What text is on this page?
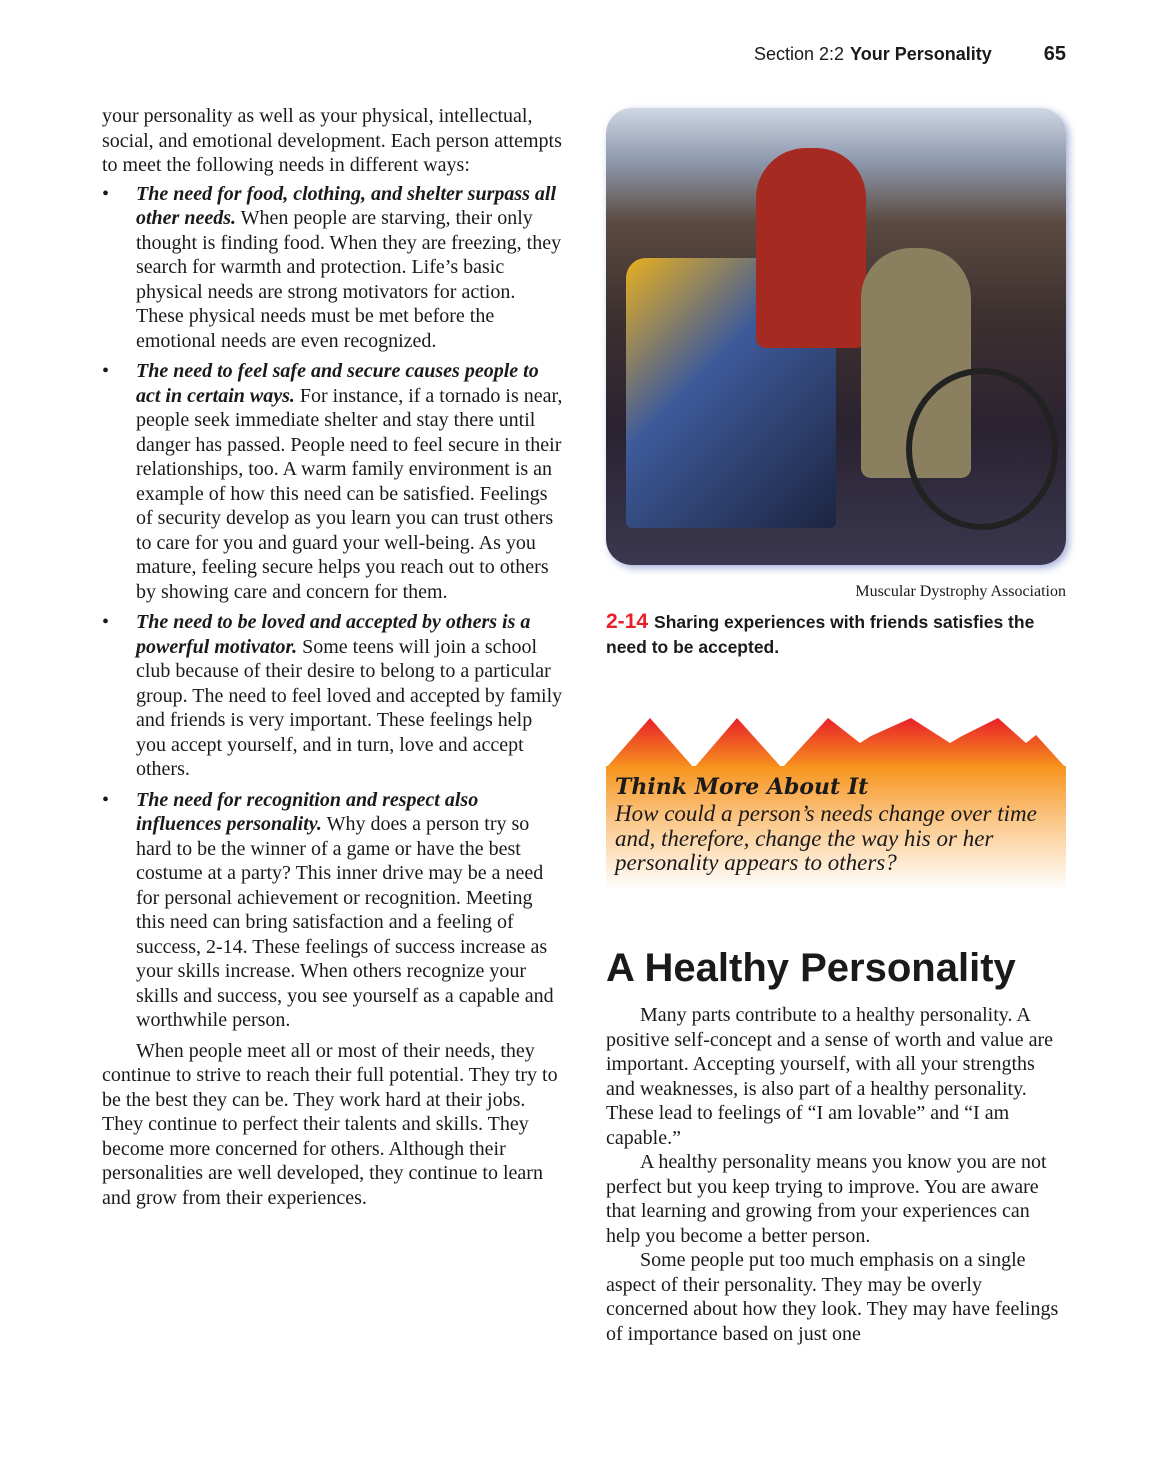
Section 2:2 Your Personality	65

your personality as well as your physical, intellectual, social, and emotional development. Each person attempts to meet the following needs in different ways:

• The need for food, clothing, and shelter surpass all other needs. When people are starving, their only thought is finding food. When they are freezing, they search for warmth and protection. Life’s basic physical needs are strong motivators for action. These physical needs must be met before the emotional needs are even recognized.
• The need to feel safe and secure causes people to act in certain ways. For instance, if a tornado is near, people seek immediate shelter and stay there until danger has passed. People need to feel secure in their relationships, too. A warm family environment is an example of how this need can be satisfied. Feelings of security develop as you learn you can trust others to care for you and guard your well-being. As you mature, feeling secure helps you reach out to others by showing care and concern for them.
• The need to be loved and accepted by others is a powerful motivator. Some teens will join a school club because of their desire to belong to a particular group. The need to feel loved and accepted by family and friends is very important. These feelings help you accept yourself, and in turn, love and accept others.
• The need for recognition and respect also influences personality. Why does a person try so hard to be the winner of a game or have the best costume at a party? This inner drive may be a need for personal achievement or recognition. Meeting this need can bring satisfaction and a feeling of success, 2-14. These feelings of success increase as your skills increase. When others recognize your skills and success, you see yourself as a capable and worthwhile person.

When people meet all or most of their needs, they continue to strive to reach their full potential. They try to be the best they can be. They work hard at their jobs. They continue to perfect their talents and skills. They become more concerned for others. Although their personalities are well developed, they continue to learn and grow from their experiences.

Muscular Dystrophy Association
2-14 Sharing experiences with friends satisfies the need to be accepted.
Think More About It
How could a person’s needs change over time and, therefore, change the way his or her personality appears to others?
A Healthy Personality

Many parts contribute to a healthy personality. A positive self-concept and a sense of worth and value are important. Accepting yourself, with all your strengths and weaknesses, is also part of a healthy personality. These lead to feelings of “I am lovable” and “I am capable.”

A healthy personality means you know you are not perfect but you keep trying to improve. You are aware that learning and growing from your experiences can help you become a better person.

Some people put too much emphasis on a single aspect of their personality. They may be overly concerned about how they look. They may have feelings of importance based on just one
